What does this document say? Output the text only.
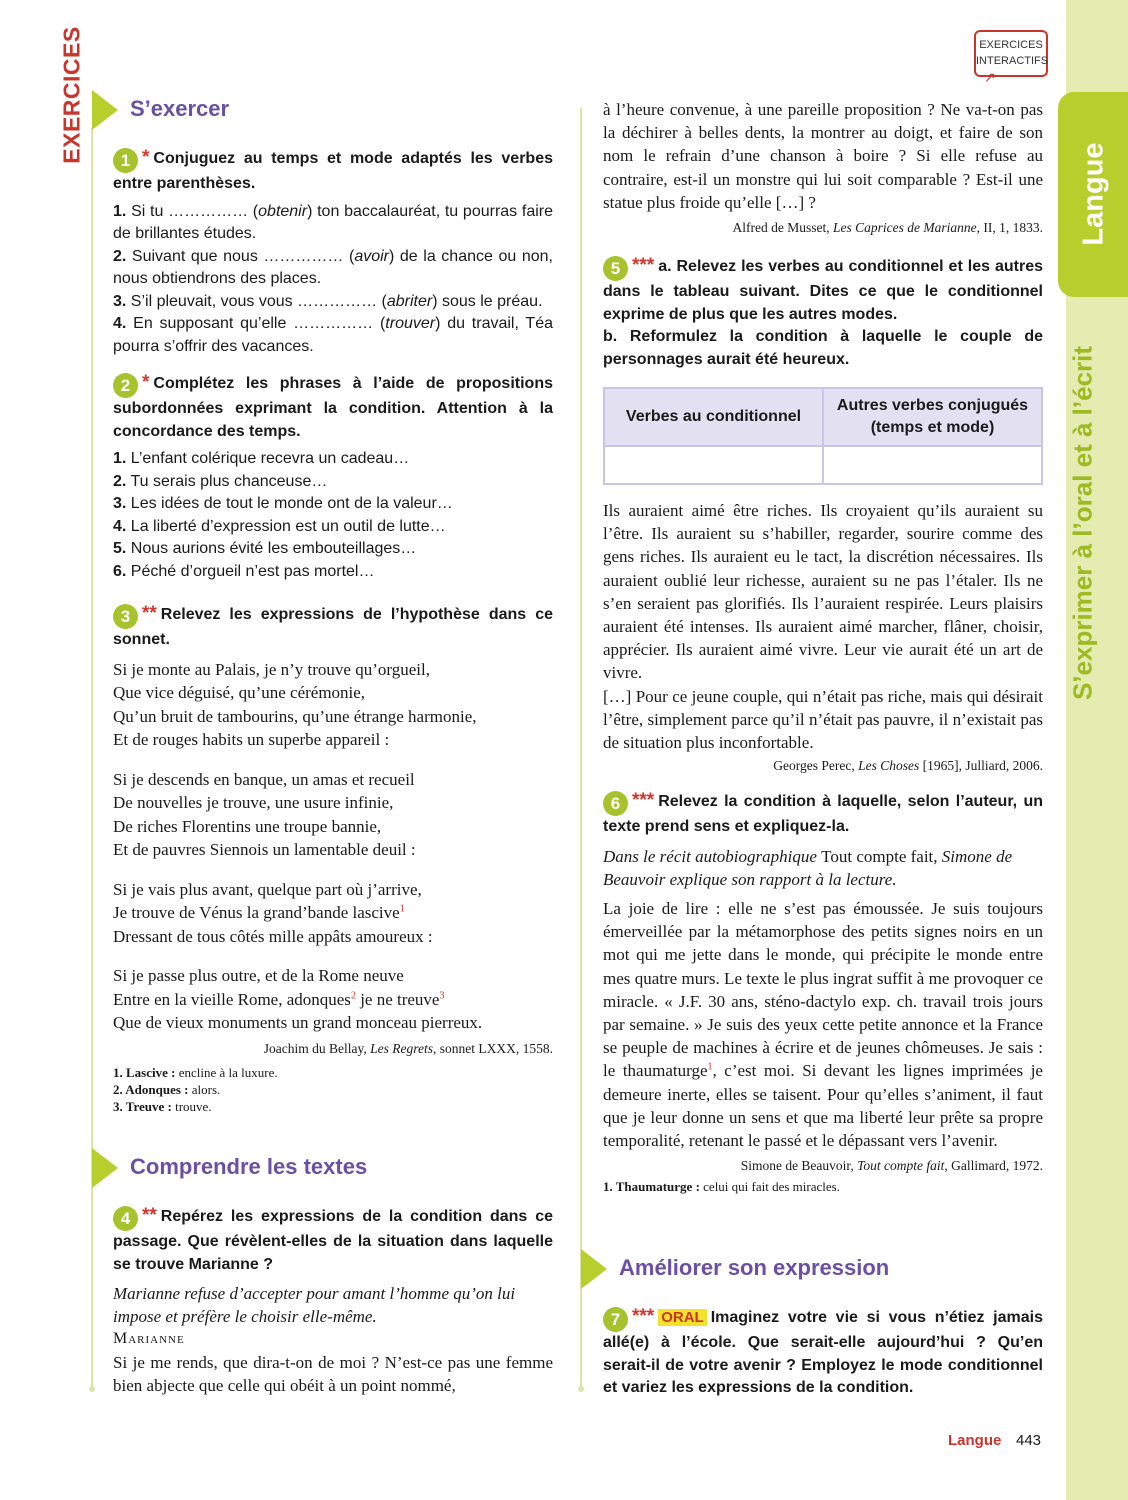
EXERCICES
Langue
S’exprimer à l’oral et à l’écrit
EXERCICES
INTERACTIFS
↗
S’exercer
1 * Conjuguez au temps et mode adaptés les verbes entre parenthèses.
1. Si tu …………… (obtenir) ton baccalauréat, tu pourras faire de brillantes études.
2. Suivant que nous …………… (avoir) de la chance ou non, nous obtiendrons des places.
3. S’il pleuvait, vous vous …………… (abriter) sous le préau.
4. En supposant qu’elle …………… (trouver) du travail, Téa pourra s’offrir des vacances.
2 * Complétez les phrases à l’aide de propositions subordonnées exprimant la condition. Attention à la concordance des temps.
1. L’enfant colérique recevra un cadeau…
2. Tu serais plus chanceuse…
3. Les idées de tout le monde ont de la valeur…
4. La liberté d’expression est un outil de lutte…
5. Nous aurions évité les embouteillages…
6. Péché d’orgueil n’est pas mortel…
3 ** Relevez les expressions de l’hypothèse dans ce sonnet.
Si je monte au Palais, je n’y trouve qu’orgueil,
Que vice déguisé, qu’une cérémonie,
Qu’un bruit de tambourins, qu’une étrange harmonie,
Et de rouges habits un superbe appareil :
Si je descends en banque, un amas et recueil
De nouvelles je trouve, une usure infinie,
De riches Florentins une troupe bannie,
Et de pauvres Siennois un lamentable deuil :
Si je vais plus avant, quelque part où j’arrive,
Je trouve de Vénus la grand’bande lascive$^1$
Dressant de tous côtés mille appâts amoureux :
Si je passe plus outre, et de la Rome neuve
Entre en la vieille Rome, adonques$^2$ je ne treuve$^3$
Que de vieux monuments un grand monceau pierreux.
Joachim du Bellay, Les Regrets, sonnet LXXX, 1558.
1. Lascive : encline à la luxure.
2. Adonques : alors.
3. Treuve : trouve.
Comprendre les textes
4 ** Repérez les expressions de la condition dans ce passage. Que révèlent-elles de la situation dans laquelle se trouve Marianne ?
Marianne refuse d’accepter pour amant l’homme qu’on lui impose et préfère le choisir elle-même.
Marianne
Si je me rends, que dira-t-on de moi ? N’est-ce pas une femme bien abjecte que celle qui obéit à un point nommé,
à l’heure convenue, à une pareille proposition ? Ne va-t-on pas la déchirer à belles dents, la montrer au doigt, et faire de son nom le refrain d’une chanson à boire ? Si elle refuse au contraire, est-il un monstre qui lui soit comparable ? Est-il une statue plus froide qu’elle […] ?
Alfred de Musset, Les Caprices de Marianne, II, 1, 1833.
5 *** a. Relevez les verbes au conditionnel et les autres dans le tableau suivant. Dites ce que le conditionnel exprime de plus que les autres modes.
b. Reformulez la condition à laquelle le couple de personnages aurait été heureux.
Verbes au conditionnel	Autres verbes conjugués (temps et mode)

Ils auraient aimé être riches. Ils croyaient qu’ils auraient su l’être. Ils auraient su s’habiller, regarder, sourire comme des gens riches. Ils auraient eu le tact, la discrétion nécessaires. Ils auraient oublié leur richesse, auraient su ne pas l’étaler. Ils ne s’en seraient pas glorifiés. Ils l’auraient respirée. Leurs plaisirs auraient été intenses. Ils auraient aimé marcher, flâner, choisir, apprécier. Ils auraient aimé vivre. Leur vie aurait été un art de vivre.
[…] Pour ce jeune couple, qui n’était pas riche, mais qui désirait l’être, simplement parce qu’il n’était pas pauvre, il n’existait pas de situation plus inconfortable.
Georges Perec, Les Choses [1965], Julliard, 2006.
6 *** Relevez la condition à laquelle, selon l’auteur, un texte prend sens et expliquez-la.
Dans le récit autobiographique Tout compte fait, Simone de Beauvoir explique son rapport à la lecture.
La joie de lire : elle ne s’est pas émoussée. Je suis toujours émerveillée par la métamorphose des petits signes noirs en un mot qui me jette dans le monde, qui précipite le monde entre mes quatre murs. Le texte le plus ingrat suffit à me provoquer ce miracle. « J.F. 30 ans, sténo-dactylo exp. ch. travail trois jours par semaine. » Je suis des yeux cette petite annonce et la France se peuple de machines à écrire et de jeunes chômeuses. Je sais : le thaumaturge$^1$, c’est moi. Si devant les lignes imprimées je demeure inerte, elles se taisent. Pour qu’elles s’animent, il faut que je leur donne un sens et que ma liberté leur prête sa propre temporalité, retenant le passé et le dépassant vers l’avenir.
Simone de Beauvoir, Tout compte fait, Gallimard, 1972.
1. Thaumaturge : celui qui fait des miracles.
Améliorer son expression
7 *** ORAL Imaginez votre vie si vous n’étiez jamais allé(e) à l’école. Que serait-elle aujourd’hui ? Qu’en serait-il de votre avenir ? Employez le mode conditionnel et variez les expressions de la condition.
Langue 443
